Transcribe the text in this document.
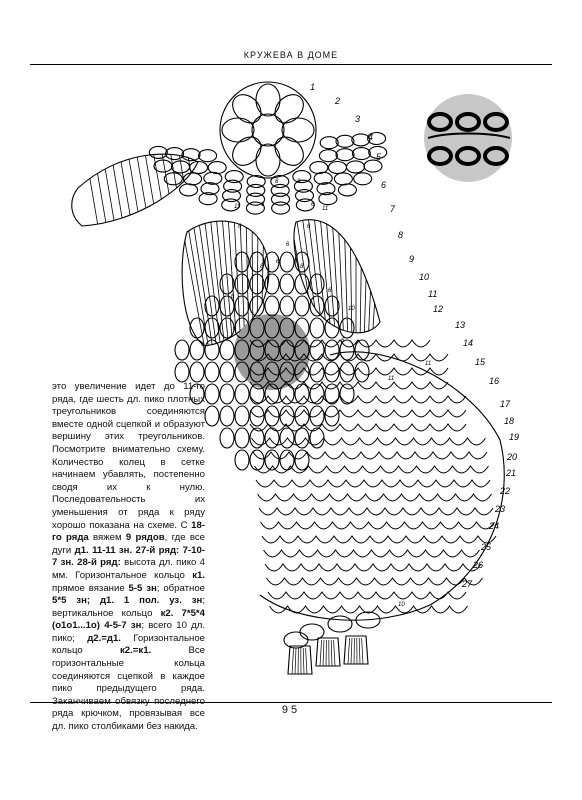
КРУЖЕВА В ДОМЕ
1
2
3
4
5
6
7
8
9
10
11
12
13
14
15
16
17
18
19
20
21
22
23
24
25
26
27
8	8
6	6
11	11
6	6
8	8
6
6
6
6
10
10
11
11
6
6
это увеличение идет до 11-го ряда, где шесть дл. пико плотных треугольников соединяются вместе одной сцепкой и образуют вершину этих треугольников. Посмотрите внимательно схему. Количество колец в сетке начинаем убавлять, постепенно сводя их к нулю. Последовательность их уменьшения от ряда к ряду хорошо показана на схеме. С 18-го ряда вяжем 9 рядов, где все дуги д1. 11-11 зн. 27-й ряд: 7-10-7 зн. 28-й ряд: высота дл. пико 4 мм. Горизонтальное кольцо к1. прямое вязание 5-5 зн; обратное 5*5 зн; д1. 1 пол. уз. зн; вертикальное кольцо к2. 7*5*4 (о1о1...1о) 4-5-7 зн; всего 10 дл. пико; д2.=д1. Горизонтальное кольцо к2.=к1. Все горизонтальные кольца соединяются сцепкой в каждое пико предыдущего ряда. Заканчиваем обвязку последнего ряда крючком, провязывая все дл. пико столбиками без накида.
95
